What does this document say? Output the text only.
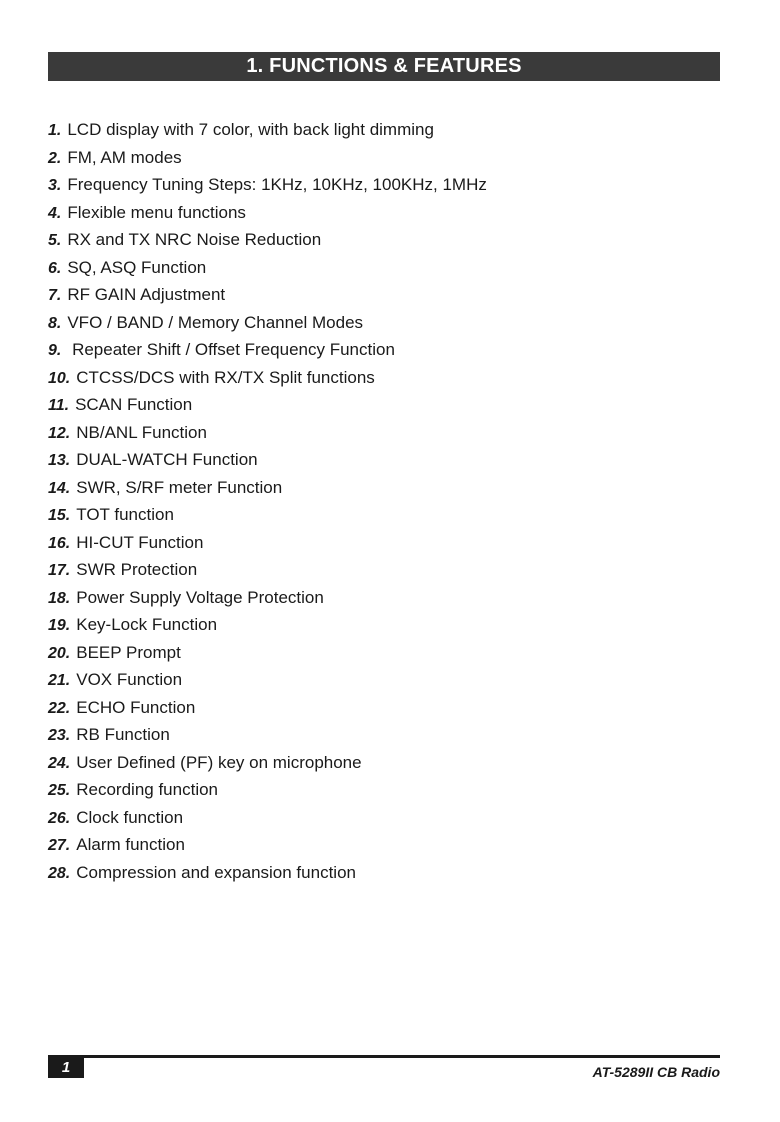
1. FUNCTIONS & FEATURES
1. LCD display with 7 color, with back light dimming
2. FM, AM modes
3. Frequency Tuning Steps: 1KHz, 10KHz, 100KHz, 1MHz
4. Flexible menu functions
5. RX and TX NRC Noise Reduction
6. SQ, ASQ Function
7. RF GAIN Adjustment
8. VFO / BAND / Memory Channel Modes
9. Repeater Shift / Offset Frequency Function
10. CTCSS/DCS with RX/TX Split functions
11. SCAN Function
12. NB/ANL Function
13. DUAL-WATCH Function
14. SWR, S/RF meter Function
15. TOT function
16. HI-CUT Function
17. SWR Protection
18. Power Supply Voltage Protection
19. Key-Lock Function
20. BEEP Prompt
21. VOX Function
22. ECHO Function
23. RB Function
24. User Defined (PF) key on microphone
25. Recording function
26. Clock function
27. Alarm function
28. Compression and expansion function
1	AT-5289II CB Radio
